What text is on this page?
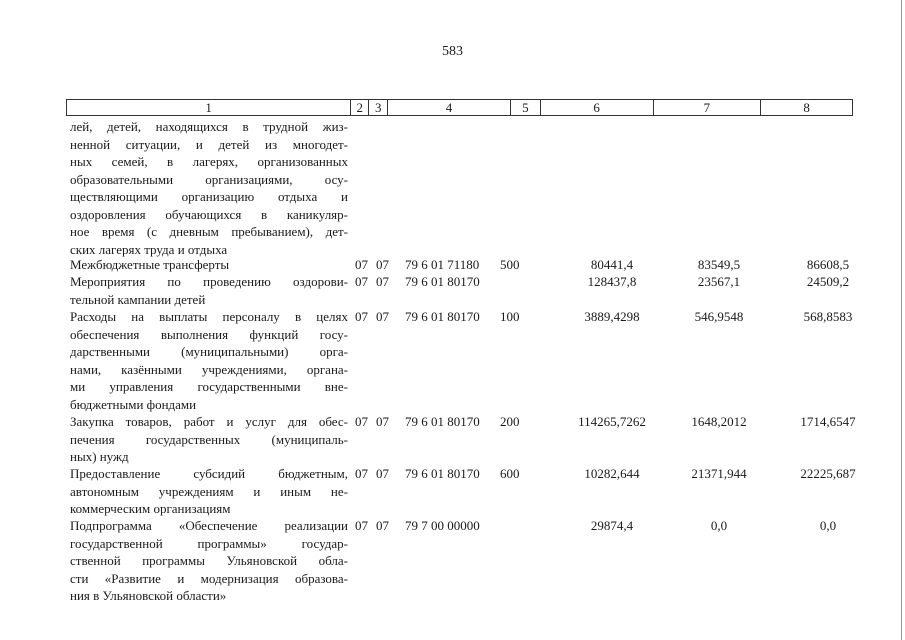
583
1	2 3	4	5	6	7	8
лей, детей, находящихся в трудной жиз-
ненной ситуации, и детей из многодет-
ных семей, в лагерях, организованных
образовательными организациями, осу-
ществляющими организацию отдыха и
оздоровления обучающихся в каникуляр-
ное время (с дневным пребыванием), дет-
ских лагерях труда и отдыха
Межбюджетные трансферты	07 07 79 6 01 71180 500	80441,4	83549,5	86608,5
Мероприятия по проведению оздорови-
тельной кампании детей
07 07 79 6 01 80170	128437,8	23567,1	24509,2
Расходы на выплаты персоналу в целях
обеспечения выполнения функций госу-
дарственными (муниципальными) орга-
нами, казёнными учреждениями, органа-
ми управления государственными вне-
бюджетными фондами
07 07 79 6 01 80170 100	3889,4298	546,9548	568,8583
Закупка товаров, работ и услуг для обес-
печения государственных (муниципаль-
ных) нужд
07 07 79 6 01 80170 200	114265,7262	1648,2012	1714,6547
Предоставление субсидий бюджетным,
автономным учреждениям и иным не-
коммерческим организациям
07 07 79 6 01 80170 600	10282,644	21371,944	22225,687
Подпрограмма «Обеспечение реализации
государственной программы» государ-
ственной программы Ульяновской обла-
сти «Развитие и модернизация образова-
ния в Ульяновской области»
07 07 79 7 00 00000	29874,4	0,0	0,0
